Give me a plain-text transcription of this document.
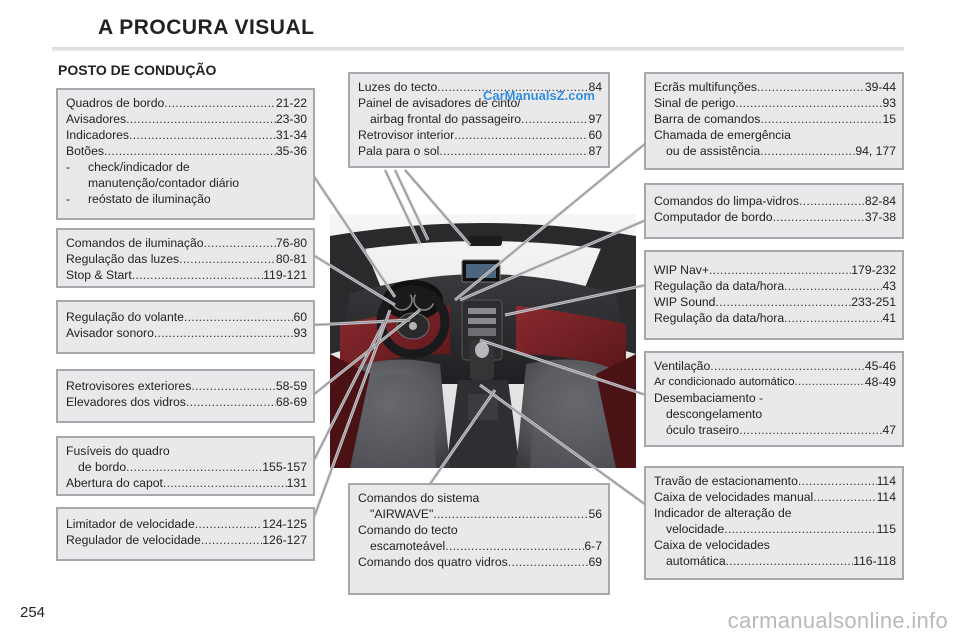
A PROCURA VISUAL
POSTO DE CONDUÇÃO
Quadros de bordo .....	21-22
Avisadores .....	23-30
Indicadores .....	31-34
Botões .....	35-36
-	check/indicador de
manutenção/contador diário
-	reóstato de iluminação
Comandos de iluminação .....	76-80
Regulação das luzes .....	80-81
Stop & Start .....	119-121
Regulação do volante .....	60
Avisador sonoro .....	93
Retrovisores exteriores .....	58-59
Elevadores dos vidros .....	68-69
Fusíveis do quadro
de bordo .....	155-157
Abertura do capot .....	131
Limitador de velocidade .....	124-125
Regulador de velocidade .....	126-127
Luzes do tecto .....	84
Painel de avisadores de cinto/
airbag frontal do passageiro .....	97
Retrovisor interior .....	60
Pala para o sol .....	87
Comandos do sistema
"AIRWAVE" .....	56
Comando do tecto
escamoteável .....	6-7
Comando dos quatro vidros .....	69
Ecrãs multifunções .....	39-44
Sinal de perigo .....	93
Barra de comandos .....	15
Chamada de emergência
ou de assistência .....	94, 177
Comandos do limpa-vidros .....	82-84
Computador de bordo .....	37-38
WIP Nav+ .....	179-232
Regulação da data/hora .....	43
WIP Sound .....	233-251
Regulação da data/hora .....	41
Ventilação .....	45-46
Ar condicionado automático .....	48-49
Desembaciamento -
descongelamento
óculo traseiro .....	47
Travão de estacionamento .....	114
Caixa de velocidades manual .....	114
Indicador de alteração de
velocidade .....	115
Caixa de velocidades
automática .....	116-118
CarManualsZ.com
carmanualsonline.info
254
